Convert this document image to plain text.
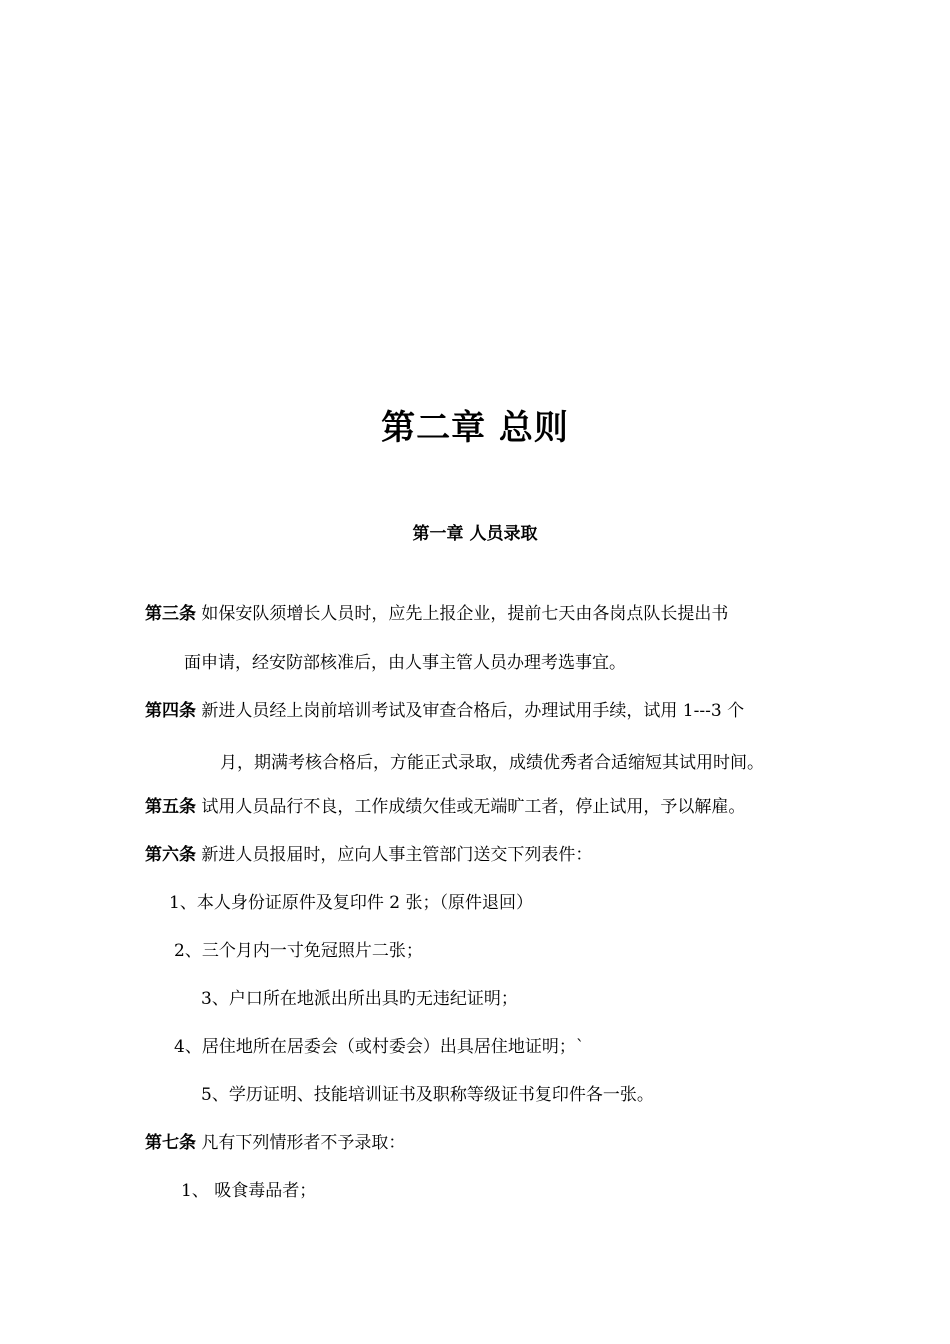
第二章 总则
第一章 人员录取
第三条 如保安队须增长人员时，应先上报企业，提前七天由各岗点队长提出书
面申请，经安防部核准后，由人事主管人员办理考选事宜。
第四条 新进人员经上岗前培训考试及审查合格后，办理试用手续，试用 1---3 个
月，期满考核合格后，方能正式录取，成绩优秀者合适缩短其试用时间。
第五条 试用人员品行不良，工作成绩欠佳或无端旷工者，停止试用，予以解雇。
第六条 新进人员报届时，应向人事主管部门送交下列表件：
1、本人身份证原件及复印件 2 张；（原件退回）
2、三个月内一寸免冠照片二张；
3、户口所在地派出所出具旳无违纪证明；
4、居住地所在居委会（或村委会）出具居住地证明；`
5、学历证明、技能培训证书及职称等级证书复印件各一张。
第七条 凡有下列情形者不予录取：
1、 吸食毒品者；
